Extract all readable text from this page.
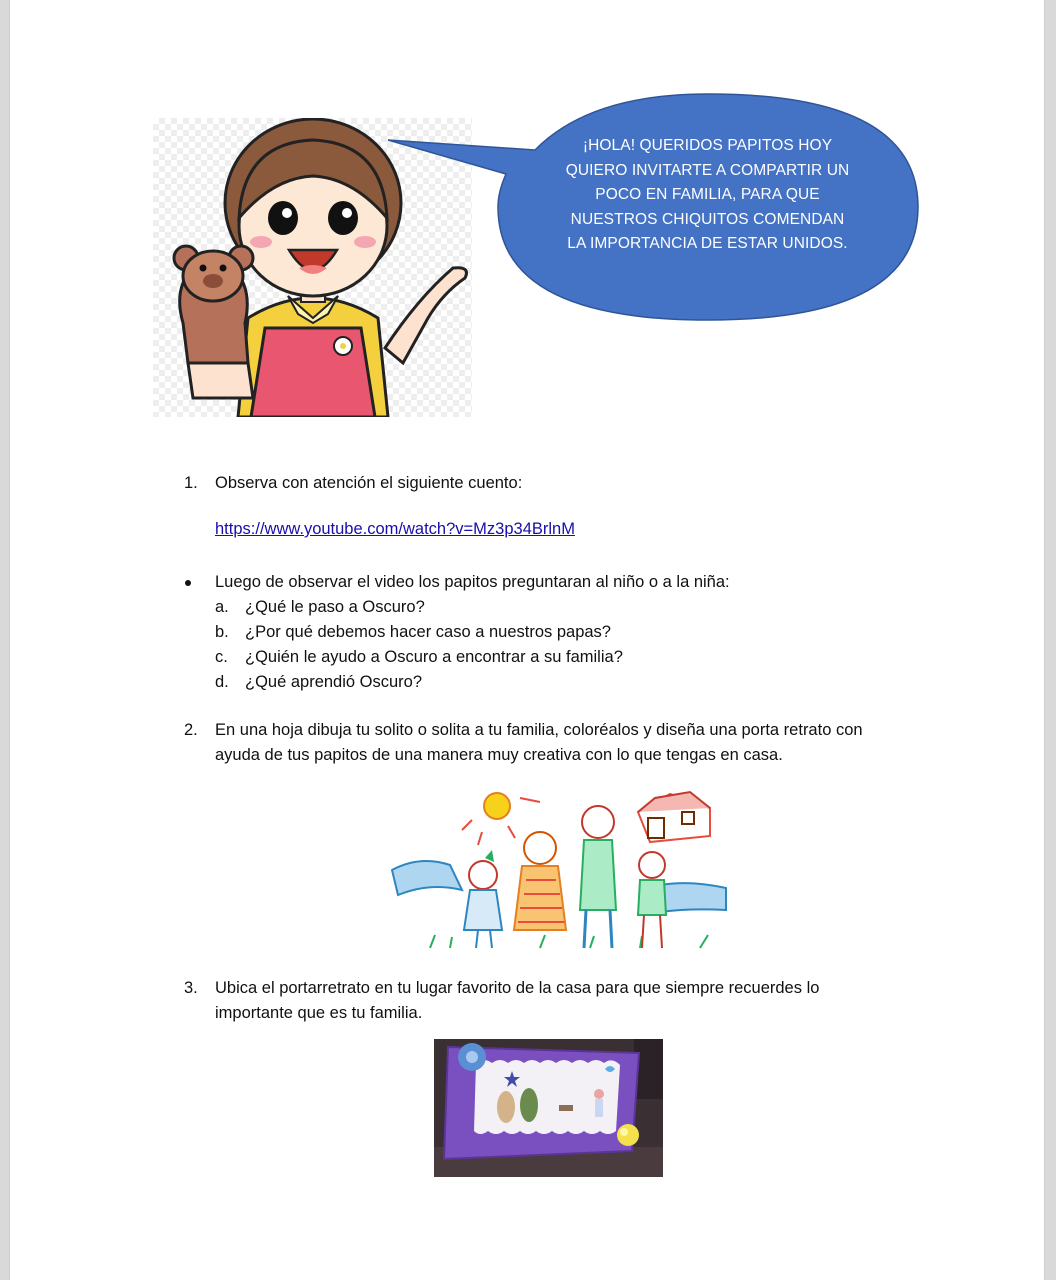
¡HOLA! QUERIDOS PAPITOS HOY QUIERO INVITARTE A COMPARTIR UN POCO EN FAMILIA, PARA QUE NUESTROS CHIQUITOS COMENDAN LA IMPORTANCIA DE ESTAR UNIDOS.
1.	Observa con atención el siguiente cuento:
https://www.youtube.com/watch?v=Mz3p34BrlnM
Luego de observar el video los papitos preguntaran al niño o a la niña:
a. ¿Qué le paso a Oscuro?
b. ¿Por qué debemos hacer caso a nuestros papas?
c. ¿Quién le ayudo a Oscuro a encontrar a su familia?
d. ¿Qué aprendió Oscuro?
2.	En una hoja dibuja tu solito o solita a tu familia, coloréalos y diseña una porta retrato con
ayuda de tus papitos de una manera muy creativa con lo que tengas en casa.
3.	Ubica el portarretrato en tu lugar favorito de la casa para que siempre recuerdes lo
importante que es tu familia.
